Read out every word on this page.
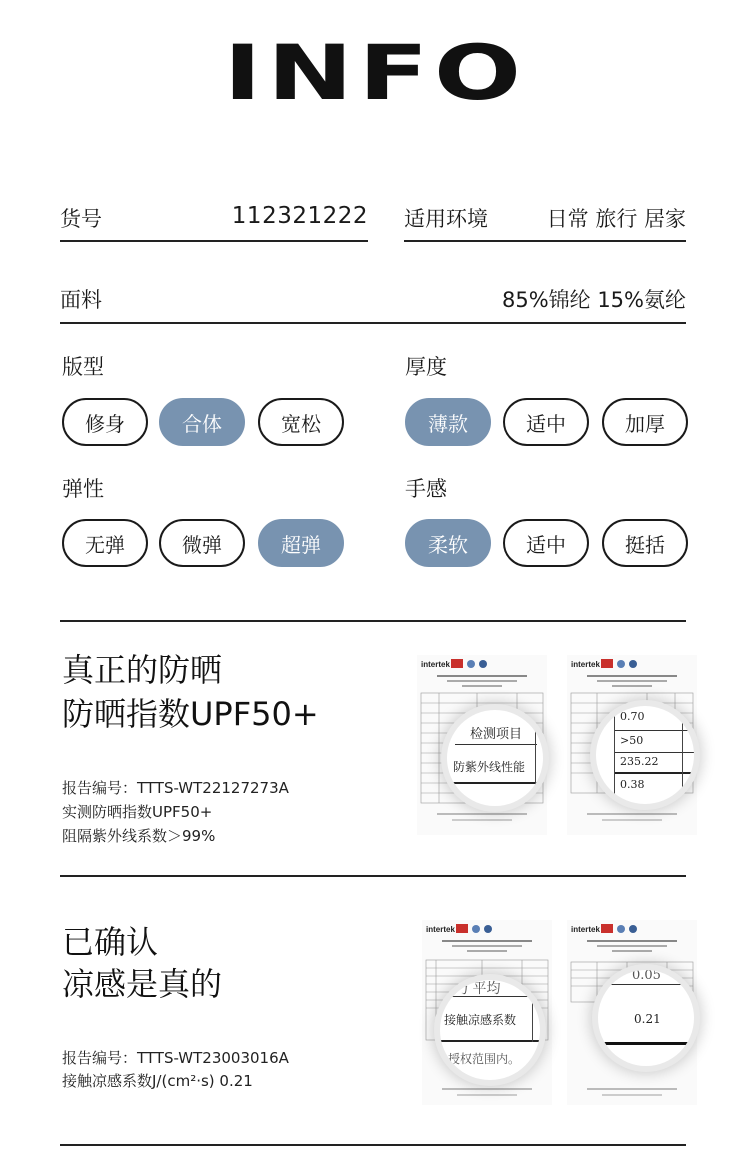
INFO
货号	112321222 适用环境	日常 旅行 居家
面料	85%锦纶 15%氨纶
版型
修身	合体	宽松
厚度
薄款	适中	加厚
弹性
无弹	微弹	超弹
手感
柔软	适中	挺括
真正的防晒
防晒指数UPF50+
报告编号：TTTS-WT22127273A
实测防晒指数UPF50+
阻隔紫外线系数＞99%
intertek
检测项目
防紫外线性能
intertek
0.70
>50
235.22
0.38
已确认
凉感是真的
报告编号：TTTS-WT23003016A
接触凉感系数J/(cm²·s) 0.21
intertek
乃 平均
接触凉感系数
授权范围内。
intertek
0.05
0.21
